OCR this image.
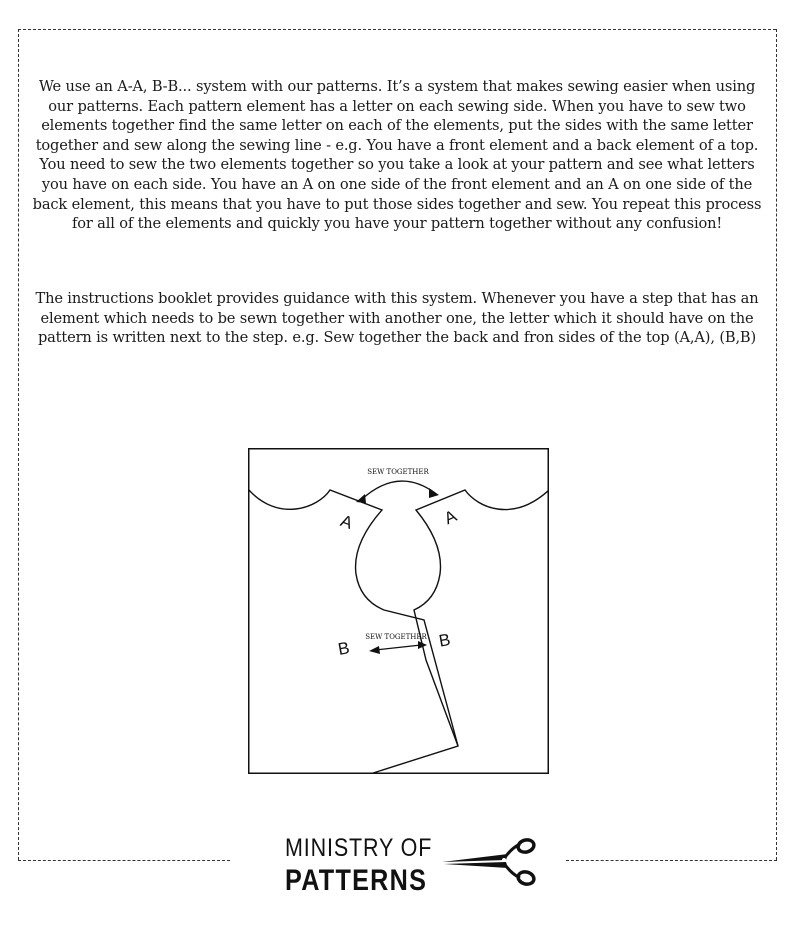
We use an A-A, B-B... system with our patterns. It’s a system that makes sewing easier when using our patterns. Each pattern element has a letter on each sewing side. When you have to sew two elements together find the same letter on each of the elements, put the sides with the same letter together and sew along the sewing line - e.g. You have a front element and a back element of a top. You need to sew the two elements together so you take a look at your pattern and see what letters you have on each side. You have an A on one side of the front element and an A on one side of the back element, this means that you have to put those sides together and sew. You repeat this process for all of the elements and quickly you have your pattern together without any confusion!

The instructions booklet provides guidance with this system. Whenever you have a step that has an element which needs to be sewn together with another one, the letter which it should have on the pattern is written next to the step. e.g. Sew together the back and fron sides of the top (A,A), (B,B)

SEW TOGETHER
SEW TOGETHER
A	A
B	B
MINISTRY OF
PATTERNS
